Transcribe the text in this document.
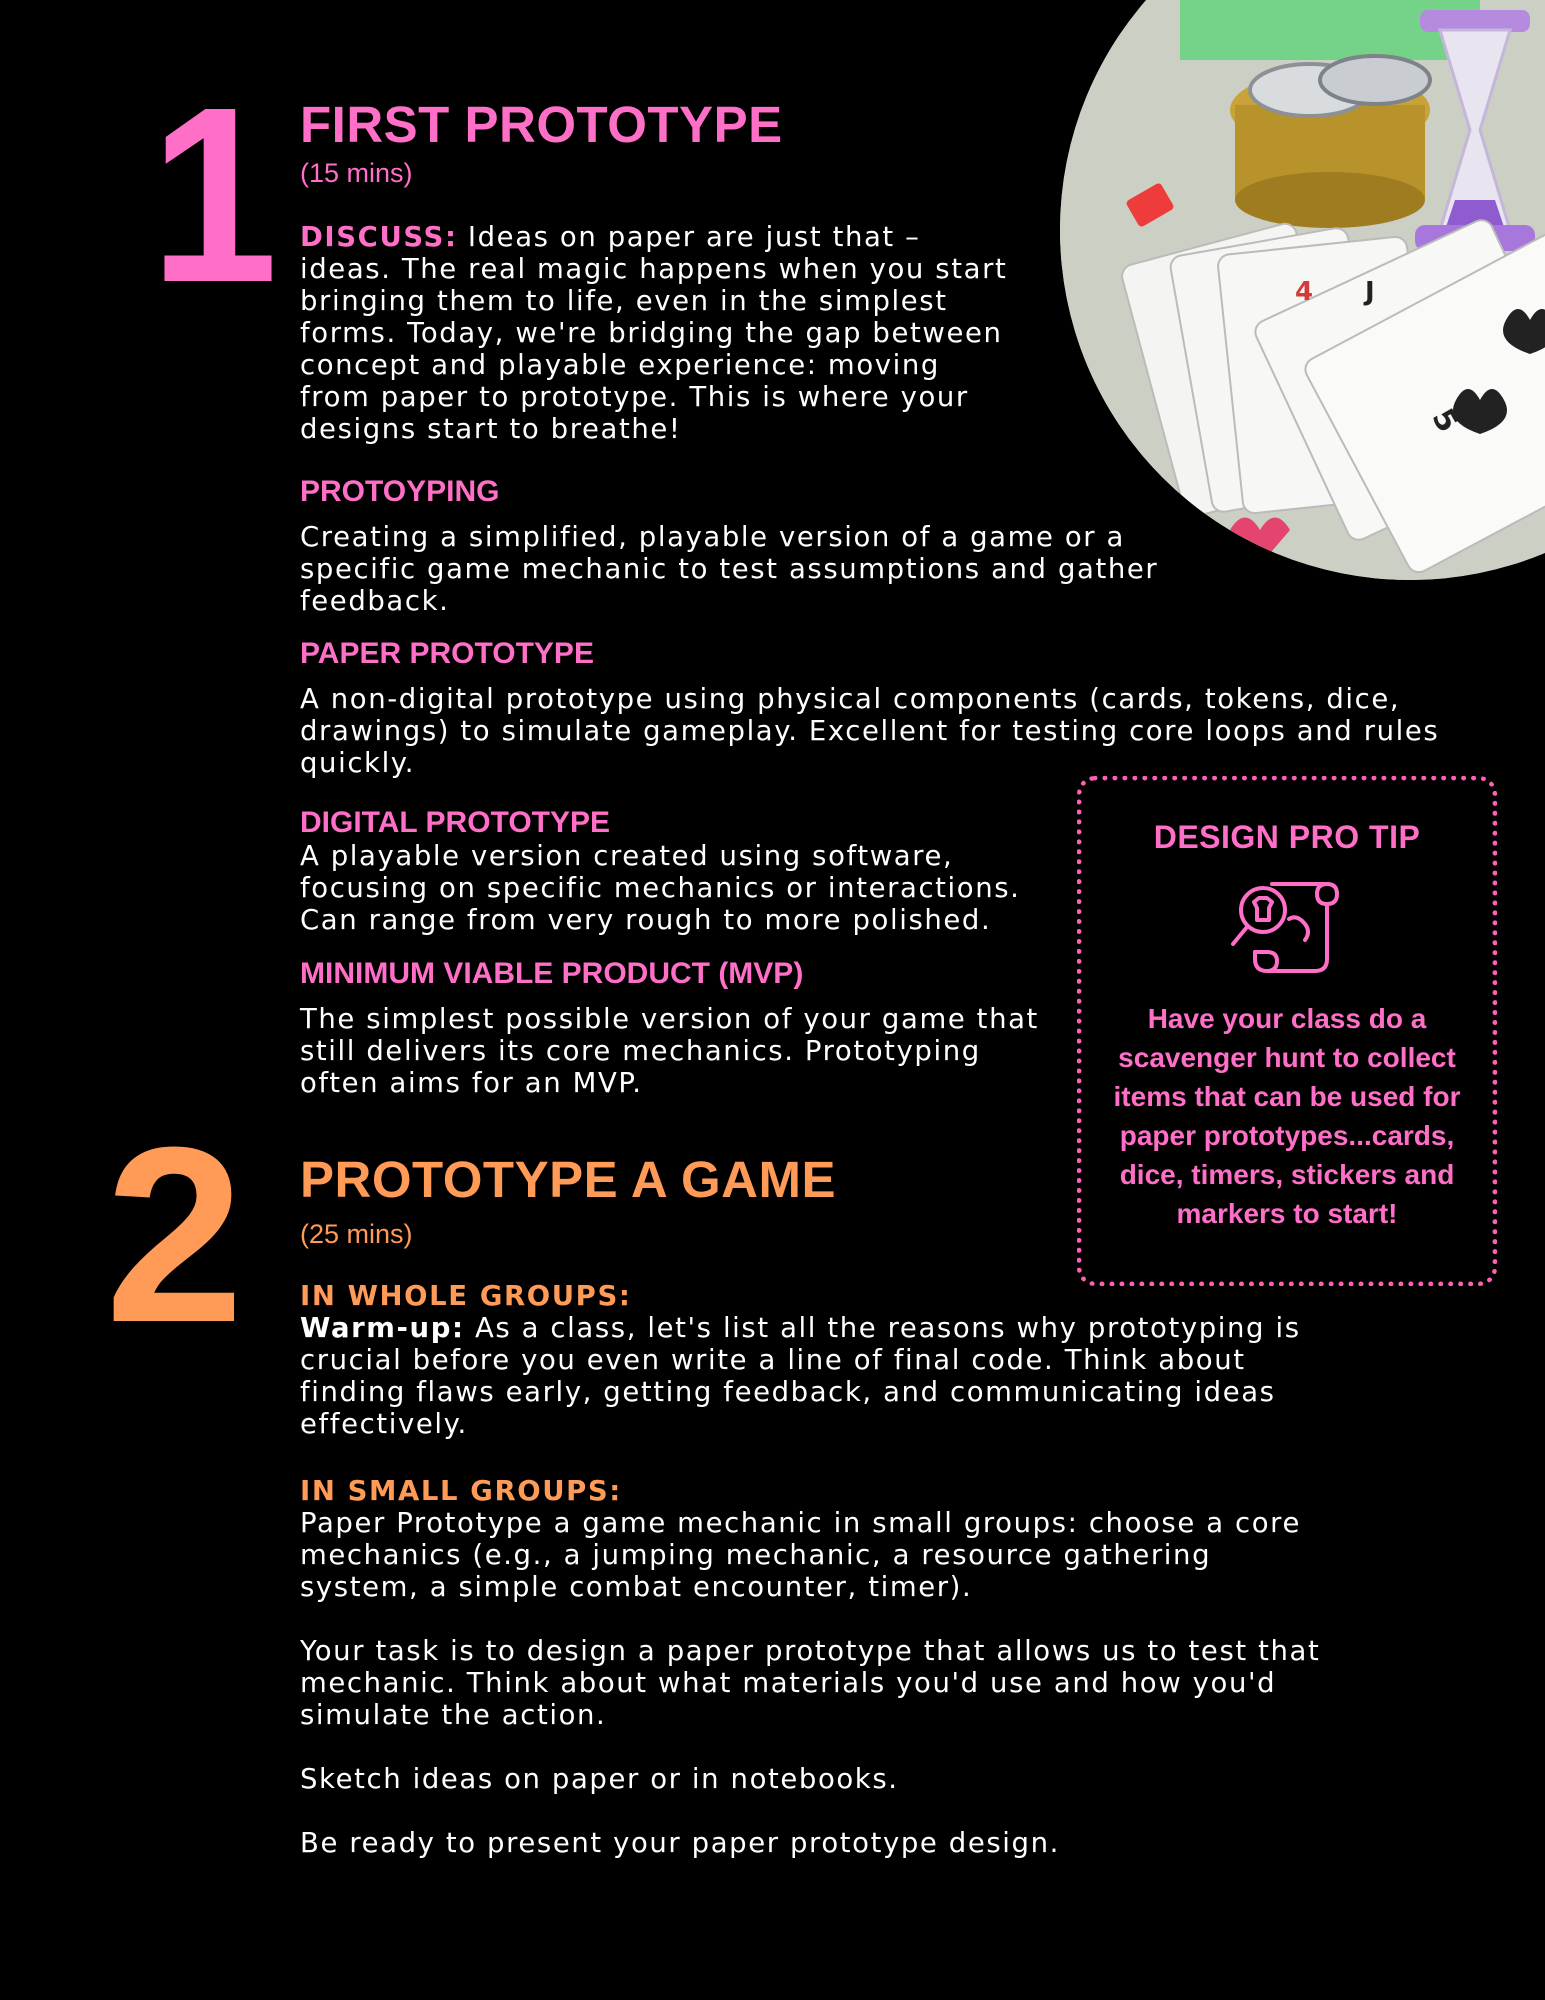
4 J
5
1 FIRST PROTOTYPE
(15 mins)

DISCUSS: Ideas on paper are just that – ideas. The real magic happens when you start bringing them to life, even in the simplest forms. Today, we're bridging the gap between concept and playable experience: moving from paper to prototype. This is where your designs start to breathe!

PROTOYPING

Creating a simplified, playable version of a game or a specific game mechanic to test assumptions and gather feedback.

PAPER PROTOTYPE

A non-digital prototype using physical components (cards, tokens, dice, drawings) to simulate gameplay. Excellent for testing core loops and rules quickly.

DIGITAL PROTOTYPE

A playable version created using software, focusing on specific mechanics or interactions. Can range from very rough to more polished.

MINIMUM VIABLE PRODUCT (MVP)

The simplest possible version of your game that still delivers its core mechanics. Prototyping often aims for an MVP.

DESIGN PRO TIP
Have your class do a scavenger hunt to collect items that can be used for paper prototypes...cards, dice, timers, stickers and markers to start!
2 PROTOTYPE A GAME
(25 mins)
IN WHOLE GROUPS:

Warm-up: As a class, let's list all the reasons why prototyping is crucial before you even write a line of final code. Think about finding flaws early, getting feedback, and communicating ideas effectively.

IN SMALL GROUPS:

Paper Prototype a game mechanic in small groups: choose a core mechanics (e.g., a jumping mechanic, a resource gathering system, a simple combat encounter, timer).

Your task is to design a paper prototype that allows us to test that mechanic. Think about what materials you'd use and how you'd simulate the action.

Sketch ideas on paper or in notebooks.

Be ready to present your paper prototype design.
